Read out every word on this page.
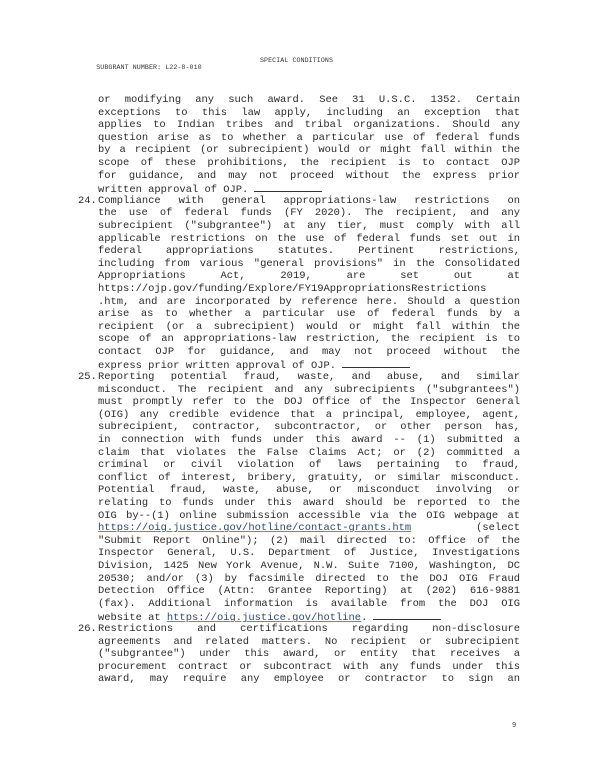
SUBGRANT NUMBER: L22-8-010

SPECIAL CONDITIONS

or modifying any such award. See 31 U.S.C. 1352. Certain exceptions to this law apply, including an exception that applies to Indian tribes and tribal organizations. Should any question arise as to whether a particular use of federal funds by a recipient (or subrecipient) would or might fall within the scope of these prohibitions, the recipient is to contact OJP for guidance, and may not proceed without the express prior
written approval of OJP.
24.Compliance with general appropriations-law restrictions on
the use of federal funds (FY 2020). The recipient, and any subrecipient ("subgrantee") at any tier, must comply with all applicable restrictions on the use of federal funds set out in federal appropriations statutes. Pertinent restrictions, including from various "general provisions" in the Consolidated Appropriations Act, 2019, are set out at https://ojp.gov/funding/Explore/FY19AppropriationsRestrictions .htm, and are incorporated by reference here. Should a question arise as to whether a particular use of federal funds by a recipient (or a subrecipient) would or might fall within the scope of an appropriations-law restriction, the recipient is to contact OJP for guidance, and may not proceed without the
express prior written approval of OJP.
25.Reporting potential fraud, waste, and abuse, and similar
misconduct. The recipient and any subrecipients ("subgrantees") must promptly refer to the DOJ Office of the Inspector General (OIG) any credible evidence that a principal, employee, agent, subrecipient, contractor, subcontractor, or other person has, in connection with funds under this award -- (1) submitted a claim that violates the False Claims Act; or (2) committed a criminal or civil violation of laws pertaining to fraud, conflict of interest, bribery, gratuity, or similar misconduct. Potential fraud, waste, abuse, or misconduct involving or relating to funds under this award should be reported to the OIG by--(1) online submission accessible via the OIG webpage at
https://oig.justice.gov/hotline/contact-grants.htm	(select
"Submit Report Online"); (2) mail directed to: Office of the Inspector General, U.S. Department of Justice, Investigations Division, 1425 New York Avenue, N.W. Suite 7100, Washington, DC 20530; and/or (3) by facsimile directed to the DOJ OIG Fraud Detection Office (Attn: Grantee Reporting) at (202) 616-9881 (fax). Additional information is available from the DOJ OIG
website at https://oig.justice.gov/hotline.
26.Restrictions and certifications regarding non-disclosure
agreements and related matters. No recipient or subrecipient ("subgrantee") under this award, or entity that receives a procurement contract or subcontract with any funds under this award, may require any employee or contractor to sign an
9
